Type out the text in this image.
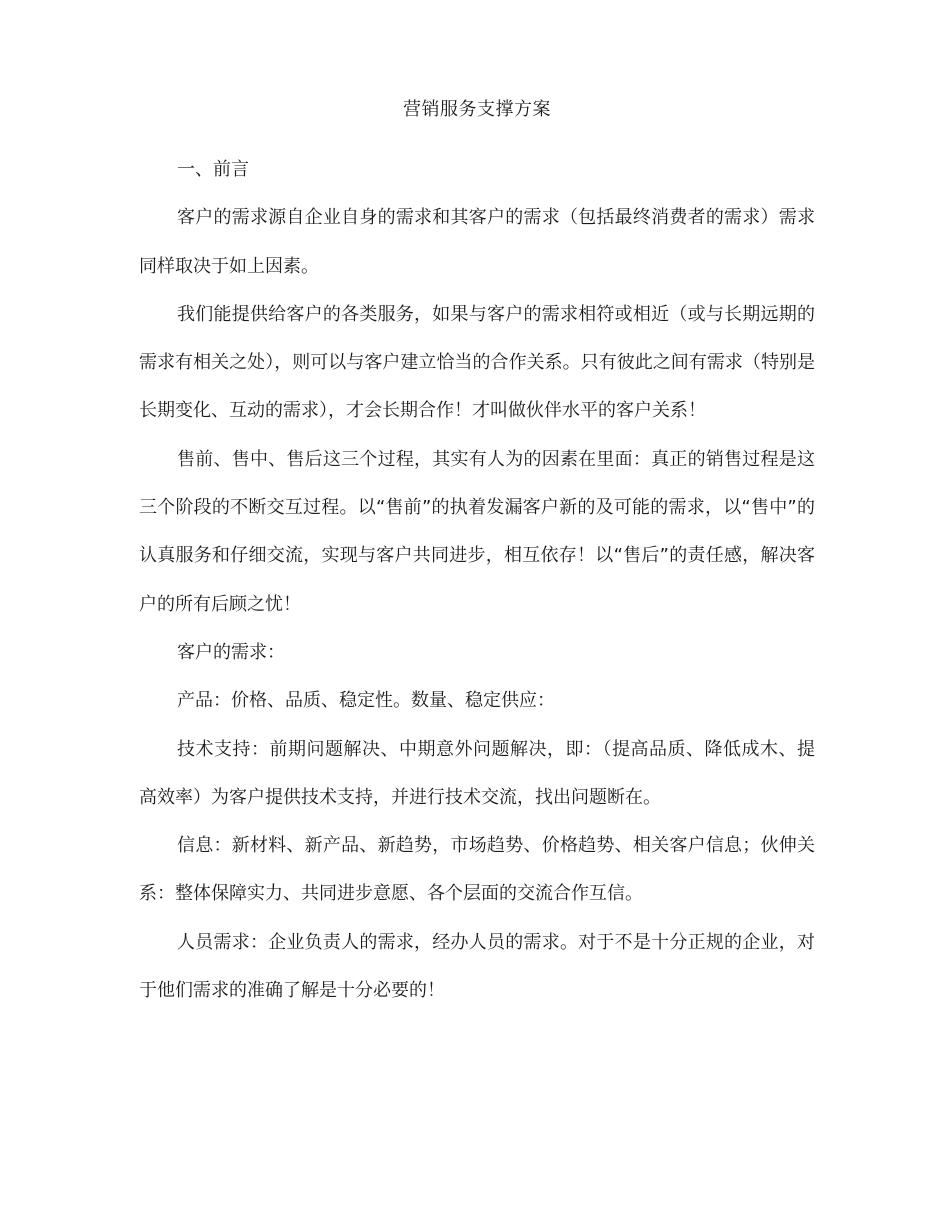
营销服务支撑方案

一、前言

客户的需求源自企业自身的需求和其客户的需求（包括最终消费者的需求）需求同样取决于如上因素。

我们能提供给客户的各类服务，如果与客户的需求相符或相近（或与长期远期的需求有相关之处），则可以与客户建立恰当的合作关系。只有彼此之间有需求（特别是长期变化、互动的需求），才会长期合作！才叫做伙伴水平的客户关系！

售前、售中、售后这三个过程，其实有人为的因素在里面：真正的销售过程是这三个阶段的不断交互过程。以“售前”的执着发漏客户新的及可能的需求，以“售中”的认真服务和仔细交流，实现与客户共同进步，相互依存！以“售后”的责任感，解决客户的所有后顾之忧！

客户的需求：

产品：价格、品质、稳定性。数量、稳定供应：

技术支持：前期问题解决、中期意外问题解决，即：（提高品质、降低成木、提高效率）为客户提供技术支持，并进行技术交流，找出问题断在。

信息：新材料、新产品、新趋势，市场趋势、价格趋势、相关客户信息；伙伸关系：整体保障实力、共同进步意愿、各个层面的交流合作互信。

人员需求：企业负责人的需求，经办人员的需求。对于不是十分正规的企业，对于他们需求的准确了解是十分必要的！
